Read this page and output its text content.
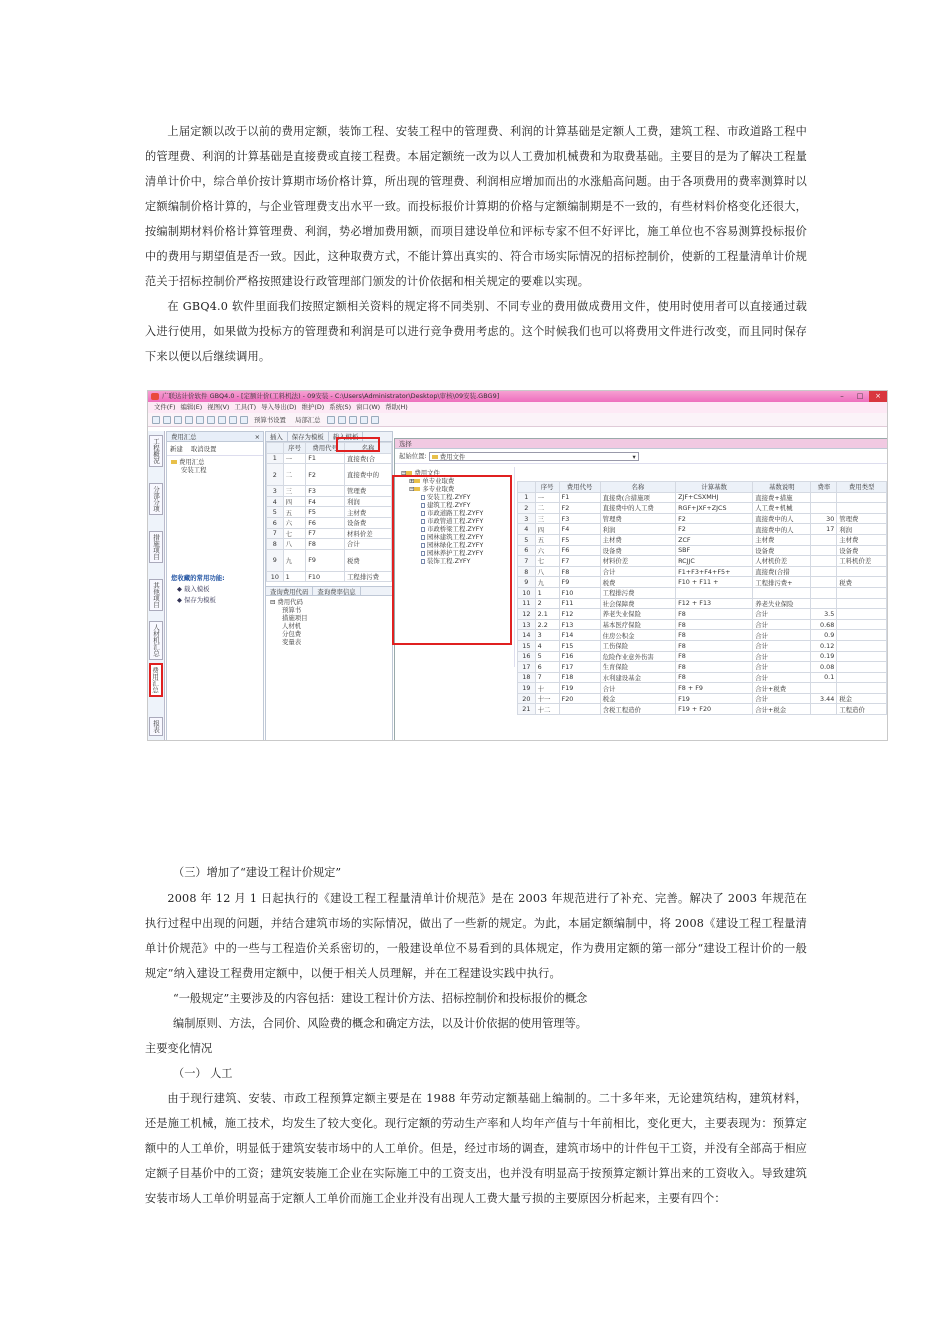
上届定额以改于以前的费用定额，装饰工程、安装工程中的管理费、利润的计算基础是定额人工费，建筑工程、市政道路工程中的管理费、利润的计算基础是直接费或直接工程费。本届定额统一改为以人工费加机械费和为取费基础。主要目的是为了解决工程量清单计价中，综合单价按计算期市场价格计算，所出现的管理费、利润相应增加而出的水涨船高问题。由于各项费用的费率测算时以定额编制价格计算的，与企业管理费支出水平一致。而投标报价计算期的价格与定额编制期是不一致的，有些材料价格变化还很大，按编制期材料价格计算管理费、利润，势必增加费用额，而项目建设单位和评标专家不但不好评比，施工单位也不容易测算投标报价中的费用与期望值是否一致。因此，这种取费方式，不能计算出真实的、符合市场实际情况的招标控制价，使新的工程量清单计价规范关于招标控制价严格按照建设行政管理部门颁发的计价依据和相关规定的要难以实现。
在 GBQ4.0 软件里面我们按照定额相关资料的规定将不同类别、不同专业的费用做成费用文件，使用时使用者可以直接通过载入进行使用，如果做为投标方的管理费和利润是可以进行竞争费用考虑的。这个时候我们也可以将费用文件进行改变，而且同时保存下来以便以后继续调用。
广联达计价软件 GBQ4.0 - [定额计价(工料机法) - 09安装 - C:\Users\Administrator\Desktop\审核\09安装.GBG9]	–	□	×
文件(F) 编辑(E) 视图(V) 工具(T) 导入导出(D) 维护(D) 系统(S) 窗口(W) 帮助(H)
预算书设置 局部汇总
工程概况
分部分项
措施项目
其他项目
人材机汇总
费用汇总
报表
费用汇总	×
新建 取消设置
费用汇总
安装工程
您收藏的常用功能:
◆ 载入模板
◆ 保存为模板
插入	保存为模板	载入模板
	序号	费用代号	名称
1	一	F1	直接费(合
2	二	F2	直接费中的
3	三	F3	管理费
4	四	F4	利润
5	五	F5	主材费
6	六	F6	设备费
7	七	F7	材料价差
8	八	F8	合计
9	九	F9	税费
10	1	F10	工程排污费
查询费用代码	查询费率信息
⊟ 费用代码
预算书
措施项目
人材机
分包费
变量表
选择
起始位置: 费用文件	▾
⊟ 费用文件
⊞ 单专业取费
⊟ 多专业取费
安装工程.ZYFY
建筑工程.ZYFY
市政道路工程.ZYFY
市政管道工程.ZYFY
市政桥梁工程.ZYFY
园林建筑工程.ZYFY
园林绿化工程.ZYFY
园林养护工程.ZYFY
装饰工程.ZYFY
	序号	费用代号	名称	计算基数	基数说明	费率	费用类型
1	一	F1	直接费(合措施项	ZJF+CSXMHJ	直接费+措施		
2	二	F2	直接费中的人工费	RGF+JXF+ZJCS	人工费+机械		
3	三	F3	管理费	F2	直接费中的人	30	管理费
4	四	F4	利润	F2	直接费中的人	17	利润
5	五	F5	主材费	ZCF	主材费		主材费
6	六	F6	设备费	SBF	设备费		设备费
7	七	F7	材料价差	RCJJC	人材机价差		工料机价差
8	八	F8	合计	F1+F3+F4+F5+	直接费(合措		
9	九	F9	税费	F10 + F11 +	工程排污费+		税费
10	1	F10	工程排污费				
11	2	F11	社会保障费	F12 + F13	养老失业保险		
12	2.1	F12	养老失业保险	F8	合计	3.5	
13	2.2	F13	基本医疗保险	F8	合计	0.68	
14	3	F14	住房公积金	F8	合计	0.9	
15	4	F15	工伤保险	F8	合计	0.12	
16	5	F16	危险作业意外伤害	F8	合计	0.19	
17	6	F17	生育保险	F8	合计	0.08	
18	7	F18	水利建设基金	F8	合计	0.1	
19	十	F19	合计	F8 + F9	合计+税费		
20	十一	F20	税金	F19	合计	3.44	税金
21	十二		含税工程造价	F19 + F20	合计+税金		工程造价
（三）增加了“建设工程计价规定”
2008 年 12 月 1 日起执行的《建设工程工程量清单计价规范》是在 2003 年规范进行了补充、完善。解决了 2003 年规范在执行过程中出现的问题，并结合建筑市场的实际情况，做出了一些新的规定。为此，本届定额编制中，将 2008《建设工程工程量清单计价规范》中的一些与工程造价关系密切的，一般建设单位不易看到的具体规定，作为费用定额的第一部分“建设工程计价的一般规定”纳入建设工程费用定额中，以便于相关人员理解，并在工程建设实践中执行。
“一般规定”主要涉及的内容包括：建设工程计价方法、招标控制价和投标报价的概念
编制原则、方法，合同价、风险费的概念和确定方法，以及计价依据的使用管理等。
主要变化情况
（一） 人工
由于现行建筑、安装、市政工程预算定额主要是在 1988 年劳动定额基础上编制的。二十多年来，无论建筑结构，建筑材料，还是施工机械，施工技术，均发生了较大变化。现行定额的劳动生产率和人均年产值与十年前相比，变化更大，主要表现为：预算定额中的人工单价，明显低于建筑安装市场中的人工单价。但是，经过市场的调查，建筑市场中的计件包干工资，并没有全部高于相应定额子目基价中的工资；建筑安装施工企业在实际施工中的工资支出，也并没有明显高于按预算定额计算出来的工资收入。导致建筑安装市场人工单价明显高于定额人工单价而施工企业并没有出现人工费大量亏损的主要原因分析起来，主要有四个：
